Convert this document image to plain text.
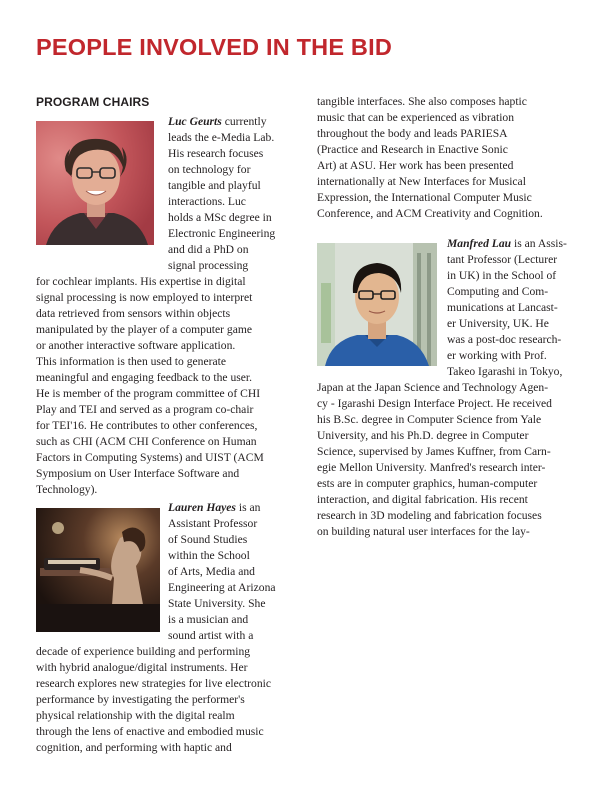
PEOPLE INVOLVED IN THE BID
PROGRAM CHAIRS
Luc Geurts currently
leads the e-Media Lab.
His research focuses
on technology for
tangible and playful
interactions. Luc
holds a MSc degree in
Electronic Engineering
and did a PhD on
signal processing
for cochlear implants. His expertise in digital
signal processing is now employed to interpret
data retrieved from sensors within objects
manipulated by the player of a computer game
or another interactive software application.
This information is then used to generate
meaningful and engaging feedback to the user.
He is member of the program committee of CHI
Play and TEI and served as a program co-chair
for TEI'16. He contributes to other conferences,
such as CHI (ACM CHI Conference on Human
Factors in Computing Systems) and UIST (ACM
Symposium on User Interface Software and
Technology).
Lauren Hayes is an
Assistant Professor
of Sound Studies
within the School
of Arts, Media and
Engineering at Arizona
State University. She
is a musician and
sound artist with a
decade of experience building and performing
with hybrid analogue/digital instruments. Her
research explores new strategies for live electronic
performance by investigating the performer's
physical relationship with the digital realm
through the lens of enactive and embodied music
cognition, and performing with haptic and
tangible interfaces. She also composes haptic
music that can be experienced as vibration
throughout the body and leads PARIESA
(Practice and Research in Enactive Sonic
Art) at ASU. Her work has been presented
internationally at New Interfaces for Musical
Expression, the International Computer Music
Conference, and ACM Creativity and Cognition.
Manfred Lau is an Assis-
tant Professor (Lecturer
in UK) in the School of
Computing and Com-
munications at Lancast-
er University, UK. He
was a post-doc research-
er working with Prof.
Takeo Igarashi in Tokyo,
Japan at the Japan Science and Technology Agen-
cy - Igarashi Design Interface Project. He received
his B.Sc. degree in Computer Science from Yale
University, and his Ph.D. degree in Computer
Science, supervised by James Kuffner, from Carn-
egie Mellon University. Manfred's research inter-
ests are in computer graphics, human-computer
interaction, and digital fabrication. His recent
research in 3D modeling and fabrication focuses
on building natural user interfaces for the lay-
